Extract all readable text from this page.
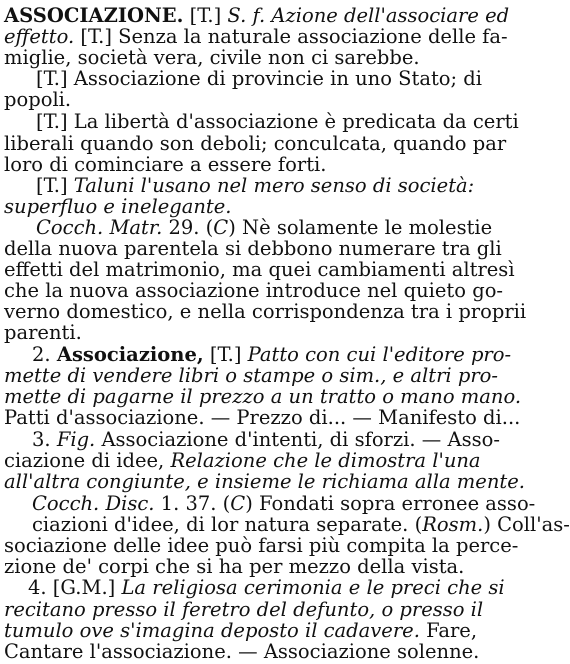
ASSOCIAZIONE. [T.] S. f. Azione dell'associare ed
effetto. [T.] Senza la naturale associazione delle fa-
miglie, società vera, civile non ci sarebbe.
[T.] Associazione di provincie in uno Stato; di
popoli.
[T.] La libertà d'associazione è predicata da certi
liberali quando son deboli; conculcata, quando par
loro di cominciare a essere forti.
[T.] Taluni l'usano nel mero senso di società:
superfluo e inelegante.
Cocch. Matr. 29. (C) Nè solamente le molestie
della nuova parentela si debbono numerare tra gli
effetti del matrimonio, ma quei cambiamenti altresì
che la nuova associazione introduce nel quieto go-
verno domestico, e nella corrispondenza tra i proprii
parenti.
2. Associazione, [T.] Patto con cui l'editore pro-
mette di vendere libri o stampe o sim., e altri pro-
mette di pagarne il prezzo a un tratto o mano mano.
Patti d'associazione. — Prezzo di... — Manifesto di...
3. Fig. Associazione d'intenti, di sforzi. — Asso-
ciazione di idee, Relazione che le dimostra l'una
all'altra congiunte, e insieme le richiama alla mente.
Cocch. Disc. 1. 37. (C) Fondati sopra erronee asso-
ciazioni d'idee, di lor natura separate. (Rosm.) Coll'as-
sociazione delle idee può farsi più compita la perce-
zione de' corpi che si ha per mezzo della vista.
4. [G.M.] La religiosa cerimonia e le preci che si
recitano presso il feretro del defunto, o presso il
tumulo ove s'imagina deposto il cadavere. Fare,
Cantare l'associazione. — Associazione solenne.
